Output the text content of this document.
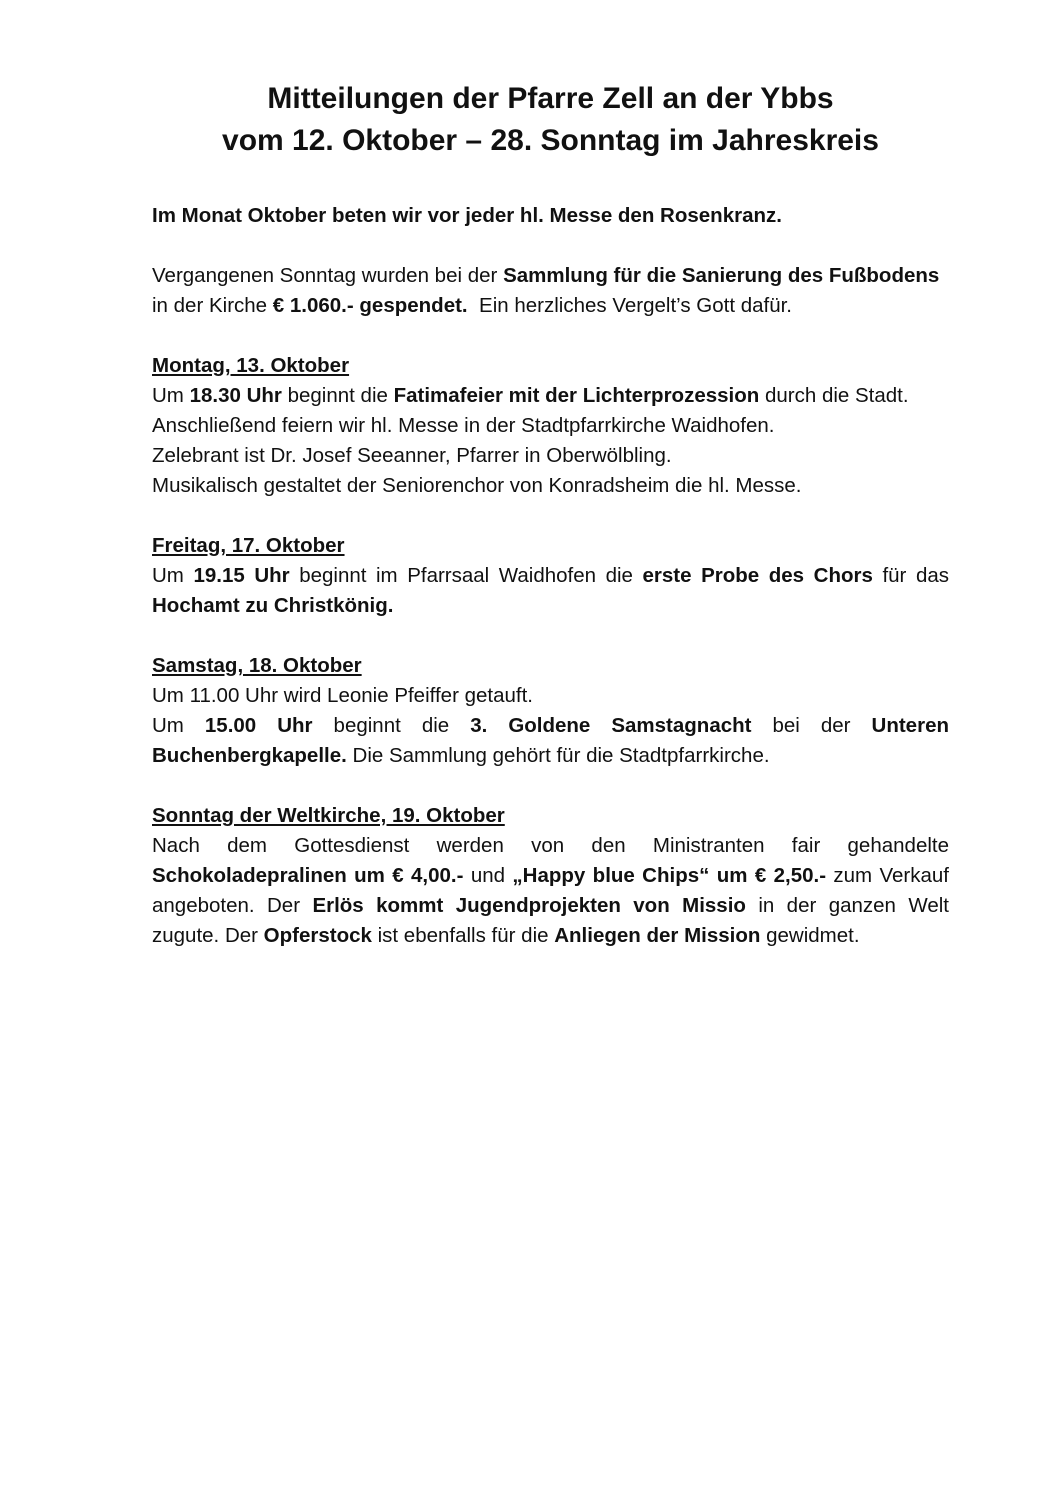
Mitteilungen der Pfarre Zell an der Ybbs
vom 12. Oktober – 28. Sonntag im Jahreskreis

Im Monat Oktober beten wir vor jeder hl. Messe den Rosenkranz.

Vergangenen Sonntag wurden bei der Sammlung für die Sanierung des Fußbodens in der Kirche € 1.060.- gespendet.  Ein herzliches Vergelt’s Gott dafür.

Montag, 13. Oktober

Um 18.30 Uhr beginnt die Fatimafeier mit der Lichterprozession durch die Stadt.

Anschließend feiern wir hl. Messe in der Stadtpfarrkirche Waidhofen.

Zelebrant ist Dr. Josef Seeanner, Pfarrer in Oberwölbling.

Musikalisch gestaltet der Seniorenchor von Konradsheim die hl. Messe.

Freitag, 17. Oktober

Um 19.15 Uhr beginnt im Pfarrsaal Waidhofen die erste Probe des Chors für das Hochamt zu Christkönig.

Samstag, 18. Oktober

Um 11.00 Uhr wird Leonie Pfeiffer getauft.

Um 15.00 Uhr beginnt die 3. Goldene Samstagnacht bei der Unteren Buchenbergkapelle. Die Sammlung gehört für die Stadtpfarrkirche.

Sonntag der Weltkirche, 19. Oktober

Nach dem Gottesdienst werden von den Ministranten fair gehandelte Schokoladepralinen um € 4,00.- und „Happy blue Chips“ um € 2,50.- zum Verkauf angeboten. Der Erlös kommt Jugendprojekten von Missio in der ganzen Welt zugute. Der Opferstock ist ebenfalls für die Anliegen der Mission gewidmet.
